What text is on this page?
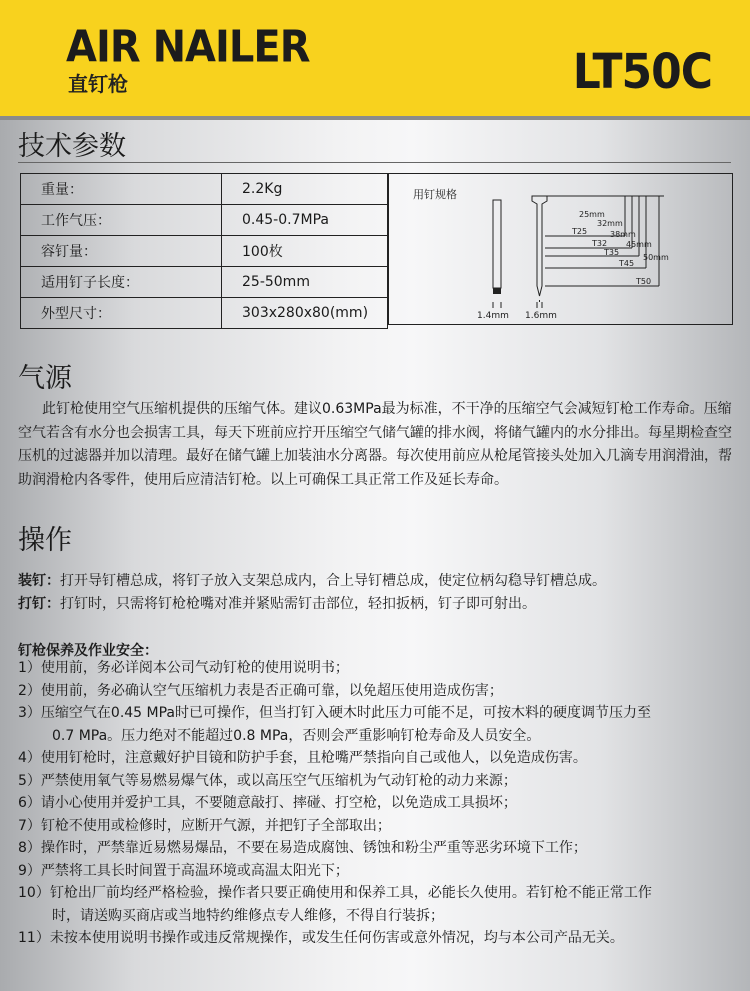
AIR NAILER
直钉枪	LT50C
技术参数
重量：	2.2Kg
工作气压：	0.45-0.7MPa
容钉量：	100枚
适用钉子长度：	25-50mm
外型尺寸：	303x280x80(mm)
用钉规格
1.4mm 1.6mm
25mm
32mm
38mm
45mm
50mm
T25
T32
T35
T45
T50
气源
此钉枪使用空气压缩机提供的压缩气体。建议0.63MPa最为标准，不干净的压缩空气会减短钉枪工作寿命。压缩空气若含有水分也会损害工具，每天下班前应拧开压缩空气储气罐的排水阀，将储气罐内的水分排出。每星期检查空压机的过滤器并加以清理。最好在储气罐上加装油水分离器。每次使用前应从枪尾管接头处加入几滴专用润滑油，帮助润滑枪内各零件，使用后应清洁钉枪。以上可确保工具正常工作及延长寿命。
操作
装钉：打开导钉槽总成，将钉子放入支架总成内，合上导钉槽总成，使定位柄勾稳导钉槽总成。
打钉：打钉时，只需将钉枪枪嘴对准并紧贴需钉击部位，轻扣扳柄，钉子即可射出。
钉枪保养及作业安全：
1）使用前，务必详阅本公司气动钉枪的使用说明书；
2）使用前，务必确认空气压缩机力表是否正确可靠，以免超压使用造成伤害；
3）压缩空气在0.45 MPa时已可操作，但当打钉入硬木时此压力可能不足，可按木料的硬度调节压力至
0.7 MPa。压力绝对不能超过0.8 MPa，否则会严重影响钉枪寿命及人员安全。
4）使用钉枪时，注意戴好护目镜和防护手套，且枪嘴严禁指向自己或他人，以免造成伤害。
5）严禁使用氧气等易燃易爆气体，或以高压空气压缩机为气动钉枪的动力来源；
6）请小心使用并爱护工具，不要随意敲打、摔碰、打空枪，以免造成工具损坏；
7）钉枪不使用或检修时，应断开气源，并把钉子全部取出；
8）操作时，严禁靠近易燃易爆品，不要在易造成腐蚀、锈蚀和粉尘严重等恶劣环境下工作；
9）严禁将工具长时间置于高温环境或高温太阳光下；
10）钉枪出厂前均经严格检验，操作者只要正确使用和保养工具，必能长久使用。若钉枪不能正常工作
时，请送购买商店或当地特约维修点专人维修，不得自行装拆；
11）未按本使用说明书操作或违反常规操作，或发生任何伤害或意外情况，均与本公司产品无关。
